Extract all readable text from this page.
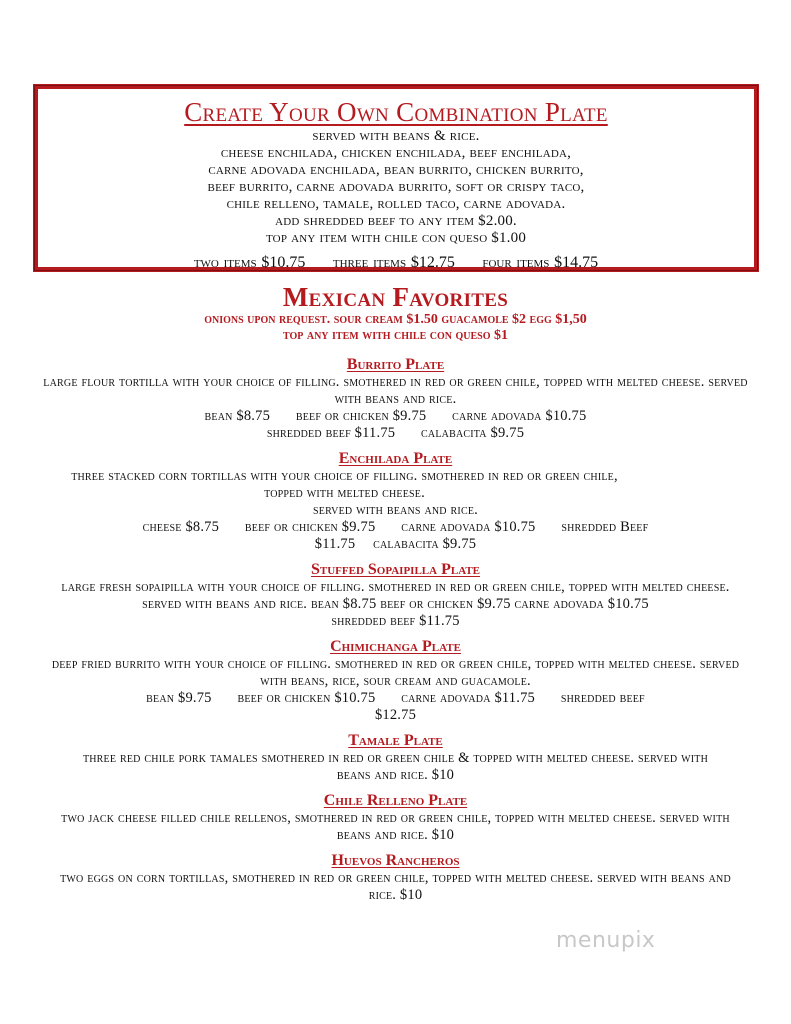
Create Your Own Combination Plate
served with beans & rice.
cheese enchilada, chicken enchilada, beef enchilada,
carne adovada enchilada, bean burrito, chicken burrito,
beef burrito, carne adovada burrito, soft or crispy taco,
chile relleno, tamale, rolled taco, carne adovada.
add shredded beef to any item $2.00.
top any item with chile con queso $1.00
two items $10.75 three items $12.75 four items $14.75
Mexican Favorites
onions upon request. sour cream $1.50 guacamole $2 egg $1,50
top any item with chile con queso $1
Burrito Plate
large flour tortilla with your choice of filling. smothered in red or green chile, topped with melted cheese. served with beans and rice.
bean $8.75 beef or chicken $9.75 carne adovada $10.75
shredded beef $11.75 calabacita $9.75
Enchilada Plate
three stacked corn tortillas with your choice of filling. smothered in red or green chile, topped with melted cheese.
served with beans and rice.
cheese $8.75 beef or chicken $9.75 carne adovada $10.75 shredded Beef
$11.75 calabacita $9.75
Stuffed Sopaipilla Plate
large fresh sopaipilla with your choice of filling. smothered in red or green chile, topped with melted cheese. served with beans and rice. bean $8.75 beef or chicken $9.75 carne adovada $10.75
shredded beef $11.75
Chimichanga Plate
deep fried burrito with your choice of filling. smothered in red or green chile, topped with melted cheese. served with beans, rice, sour cream and guacamole.
bean $9.75 beef or chicken $10.75 carne adovada $11.75 shredded beef
$12.75
Tamale Plate
three red chile pork tamales smothered in red or green chile & topped with melted cheese. served with beans and rice. $10
Chile Relleno Plate
two jack cheese filled chile rellenos, smothered in red or green chile, topped with melted cheese. served with beans and rice. $10
Huevos Rancheros
two eggs on corn tortillas, smothered in red or green chile, topped with melted cheese. served with beans and rice. $10
menupix
